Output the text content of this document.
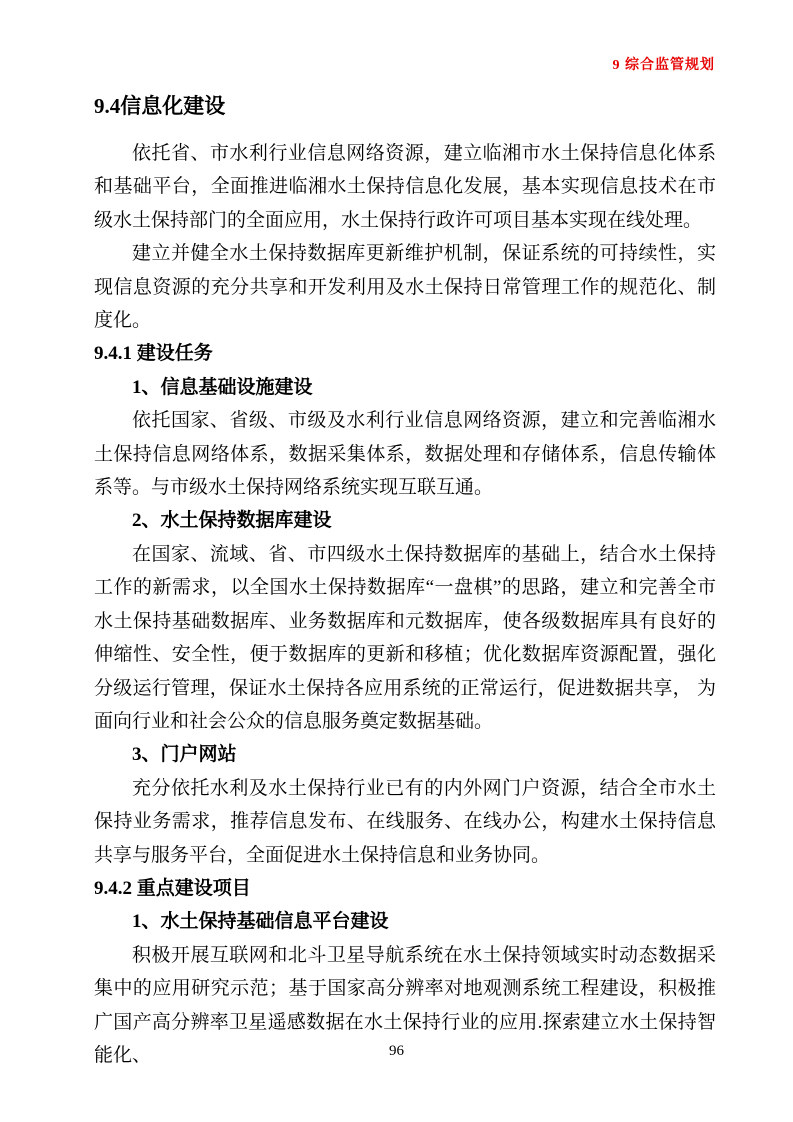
9 综合监管规划
9.4信息化建设

依托省、市水利行业信息网络资源，建立临湘市水土保持信息化体系和基础平台，全面推进临湘水土保持信息化发展，基本实现信息技术在市级水土保持部门的全面应用，水土保持行政许可项目基本实现在线处理。

建立并健全水土保持数据库更新维护机制，保证系统的可持续性，实现信息资源的充分共享和开发利用及水土保持日常管理工作的规范化、制度化。

9.4.1 建设任务
1、信息基础设施建设

依托国家、省级、市级及水利行业信息网络资源，建立和完善临湘水土保持信息网络体系，数据采集体系，数据处理和存储体系，信息传输体系等。与市级水土保持网络系统实现互联互通。

2、水土保持数据库建设

在国家、流域、省、市四级水土保持数据库的基础上，结合水土保持工作的新需求，以全国水土保持数据库“一盘棋”的思路，建立和完善全市水土保持基础数据库、业务数据库和元数据库，使各级数据库具有良好的伸缩性、安全性，便于数据库的更新和移植；优化数据库资源配置，强化分级运行管理，保证水土保持各应用系统的正常运行，促进数据共享， 为面向行业和社会公众的信息服务奠定数据基础。

3、门户网站

充分依托水利及水土保持行业已有的内外网门户资源，结合全市水土保持业务需求，推荐信息发布、在线服务、在线办公，构建水土保持信息共享与服务平台，全面促进水土保持信息和业务协同。

9.4.2 重点建设项目
1、水土保持基础信息平台建设

积极开展互联网和北斗卫星导航系统在水土保持领域实时动态数据采集中的应用研究示范；基于国家高分辨率对地观测系统工程建设，积极推广国产高分辨率卫星遥感数据在水土保持行业的应用.探索建立水土保持智能化、	96
